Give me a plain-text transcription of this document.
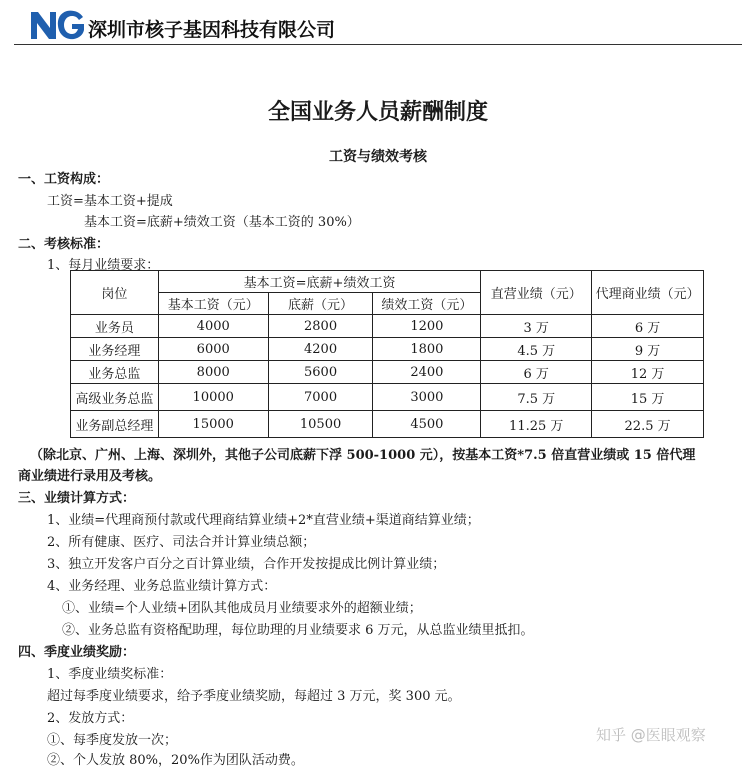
深圳市核子基因科技有限公司
全国业务人员薪酬制度
工资与绩效考核
一、工资构成：
工资=基本工资+提成
基本工资=底薪+绩效工资（基本工资的 30%）
二、考核标准：
1、每月业绩要求：
岗位	基本工资=底薪+绩效工资			直营业绩（元）	代理商业绩（元）
	基本工资（元）	底薪（元）	绩效工资（元）		
业务员	4000	2800	1200	3 万	6 万
业务经理	6000	4200	1800	4.5 万	9 万
业务总监	8000	5600	2400	6 万	12 万
高级业务总监	10000	7000	3000	7.5 万	15 万
业务副总经理	15000	10500	4500	11.25 万	22.5 万
（除北京、广州、上海、深圳外，其他子公司底薪下浮 500-1000 元），按基本工资*7.5 倍直营业绩或 15 倍代理
商业绩进行录用及考核。
三、业绩计算方式：
1、业绩=代理商预付款或代理商结算业绩+2*直营业绩+渠道商结算业绩；
2、所有健康、医疗、司法合并计算业绩总额；
3、独立开发客户百分之百计算业绩，合作开发按提成比例计算业绩；
4、业务经理、业务总监业绩计算方式：
①、业绩=个人业绩+团队其他成员月业绩要求外的超额业绩；
②、业务总监有资格配助理，每位助理的月业绩要求 6 万元，从总监业绩里抵扣。
四、季度业绩奖励：
1、季度业绩奖标准：
超过每季度业绩要求，给予季度业绩奖励，每超过 3 万元，奖 300 元。
2、发放方式：
①、每季度发放一次；
②、个人发放 80%，20%作为团队活动费。
知乎 @医眼观察
